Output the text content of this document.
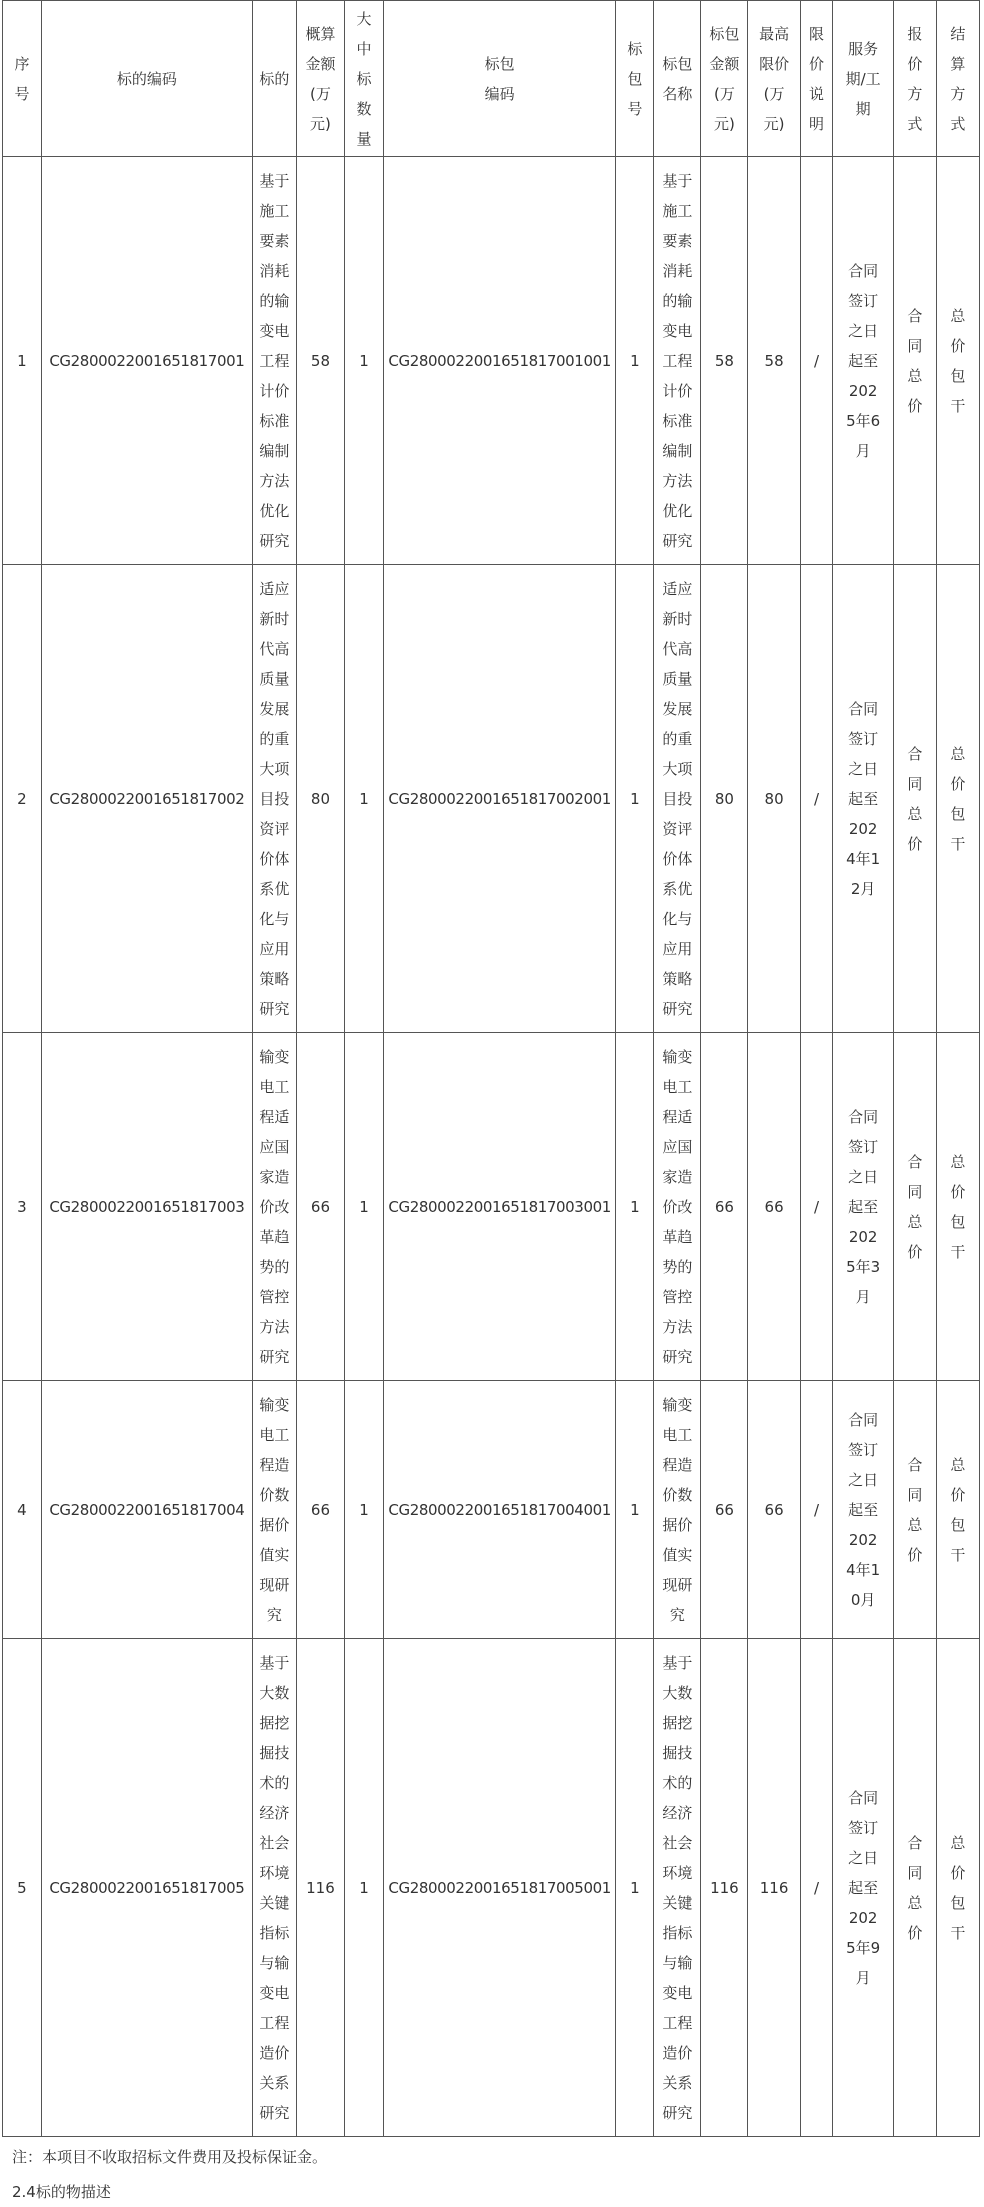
序号	标的编码	标的	概算金额(万元)	大中标数量	标包编码	标包号	标包名称	标包金额(万元)	最高限价(万元)	限价说明	服务期/工期	报价方式	结算方式

1	CG2800022001651817001	基于施工要素消耗的输变电工程计价标准编制方法优化研究	58	1	CG2800022001651817001001	1	基于施工要素消耗的输变电工程计价标准编制方法优化研究	58	58	/	合同签订之日起至2025年6月	合同总价	总价包干

2	CG2800022001651817002	适应新时代高质量发展的重大项目投资评价体系优化与应用策略研究	80	1	CG2800022001651817002001	1	适应新时代高质量发展的重大项目投资评价体系优化与应用策略研究	80	80	/	合同签订之日起至2024年12月	合同总价	总价包干

3	CG2800022001651817003	输变电工程适应国家造价改革趋势的管控方法研究	66	1	CG2800022001651817003001	1	输变电工程适应国家造价改革趋势的管控方法研究	66	66	/	合同签订之日起至2025年3月	合同总价	总价包干

4	CG2800022001651817004	输变电工程造价数据价值实现研究	66	1	CG2800022001651817004001	1	输变电工程造价数据价值实现研究	66	66	/	合同签订之日起至2024年10月	合同总价	总价包干

5	CG2800022001651817005	基于大数据挖掘技术的经济社会环境关键指标与输变电工程造价关系研究	116	1	CG2800022001651817005001	1	基于大数据挖掘技术的经济社会环境关键指标与输变电工程造价关系研究	116	116	/	合同签订之日起至2025年9月	合同总价	总价包干
注：本项目不收取招标文件费用及投标保证金。
2.4标的物描述
